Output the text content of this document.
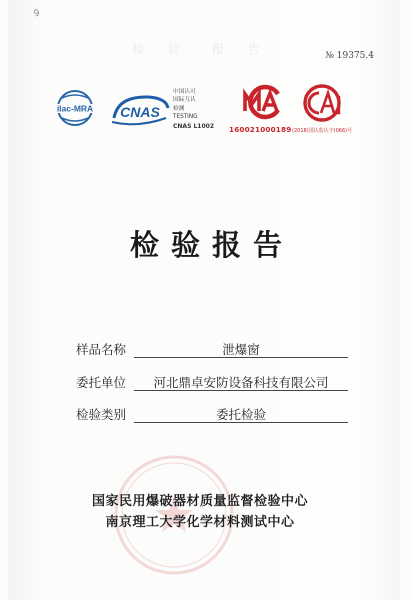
9
检 验 报 告	№ 19375.4
ilac-MRA CNAS
中国认可
国际互认
检测
TESTING
CNAS L1002 160021000189 (2018)国认监认字(066)号
检验报告
样品名称	泄爆窗
委托单位	河北鼎卓安防设备科技有限公司
检验类别	委托检验
国家民用爆破器材质量监督检验中心
南京理工大学化学材料测试中心
